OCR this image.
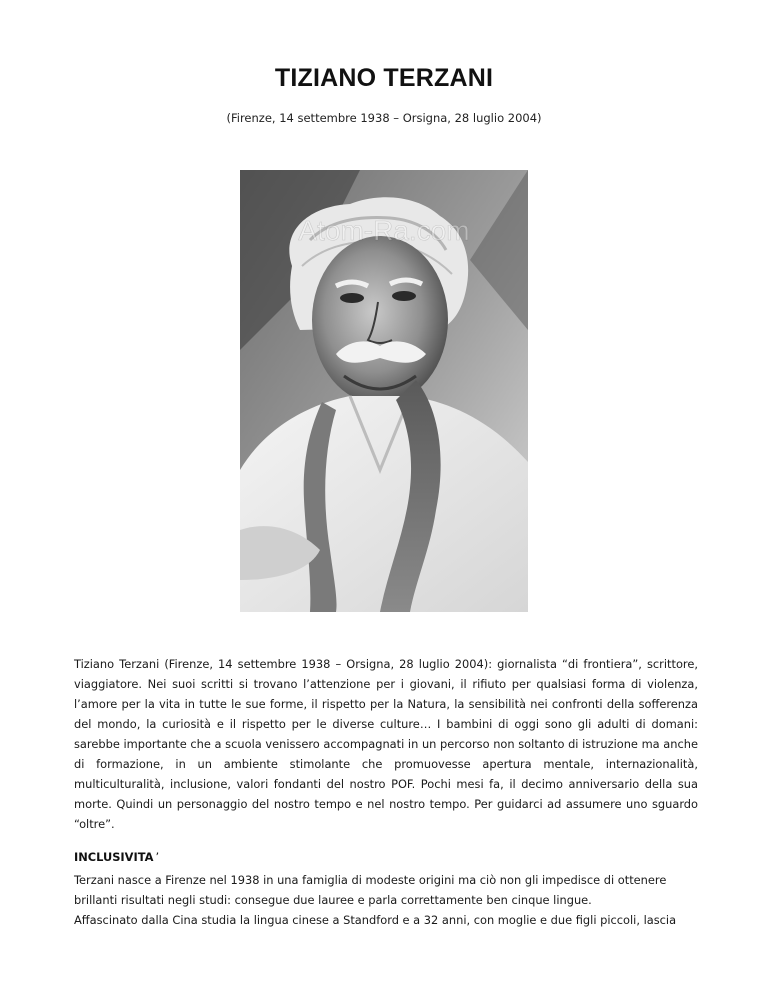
TIZIANO TERZANI
(Firenze, 14 settembre 1938 – Orsigna, 28 luglio 2004)
Atom-Ra.com
Tiziano Terzani (Firenze, 14 settembre 1938 – Orsigna, 28 luglio 2004): giornalista “di frontiera”, scrittore, viaggiatore. Nei suoi scritti si trovano l’attenzione per i giovani, il rifiuto per qualsiasi forma di violenza, l’amore per la vita in tutte le sue forme, il rispetto per la Natura, la sensibilità nei confronti della sofferenza del mondo, la curiosità e il rispetto per le diverse culture… I bambini di oggi sono gli adulti di domani: sarebbe importante che a scuola venissero accompagnati in un percorso non soltanto di istruzione ma anche di formazione, in un ambiente stimolante che promuovesse apertura mentale, internazionalità, multiculturalità, inclusione, valori fondanti del nostro POF. Pochi mesi fa, il decimo anniversario della sua morte. Quindi un personaggio del nostro tempo e nel nostro tempo. Per guidarci ad assumere uno sguardo “oltre”.
INCLUSIVITA ’

Terzani nasce a Firenze nel 1938 in una famiglia di modeste origini ma ciò non gli impedisce di ottenere

brillanti risultati negli studi: consegue due lauree e parla correttamente ben cinque lingue.

Affascinato dalla Cina studia la lingua cinese a Standford e a 32 anni, con moglie e due figli piccoli, lascia
